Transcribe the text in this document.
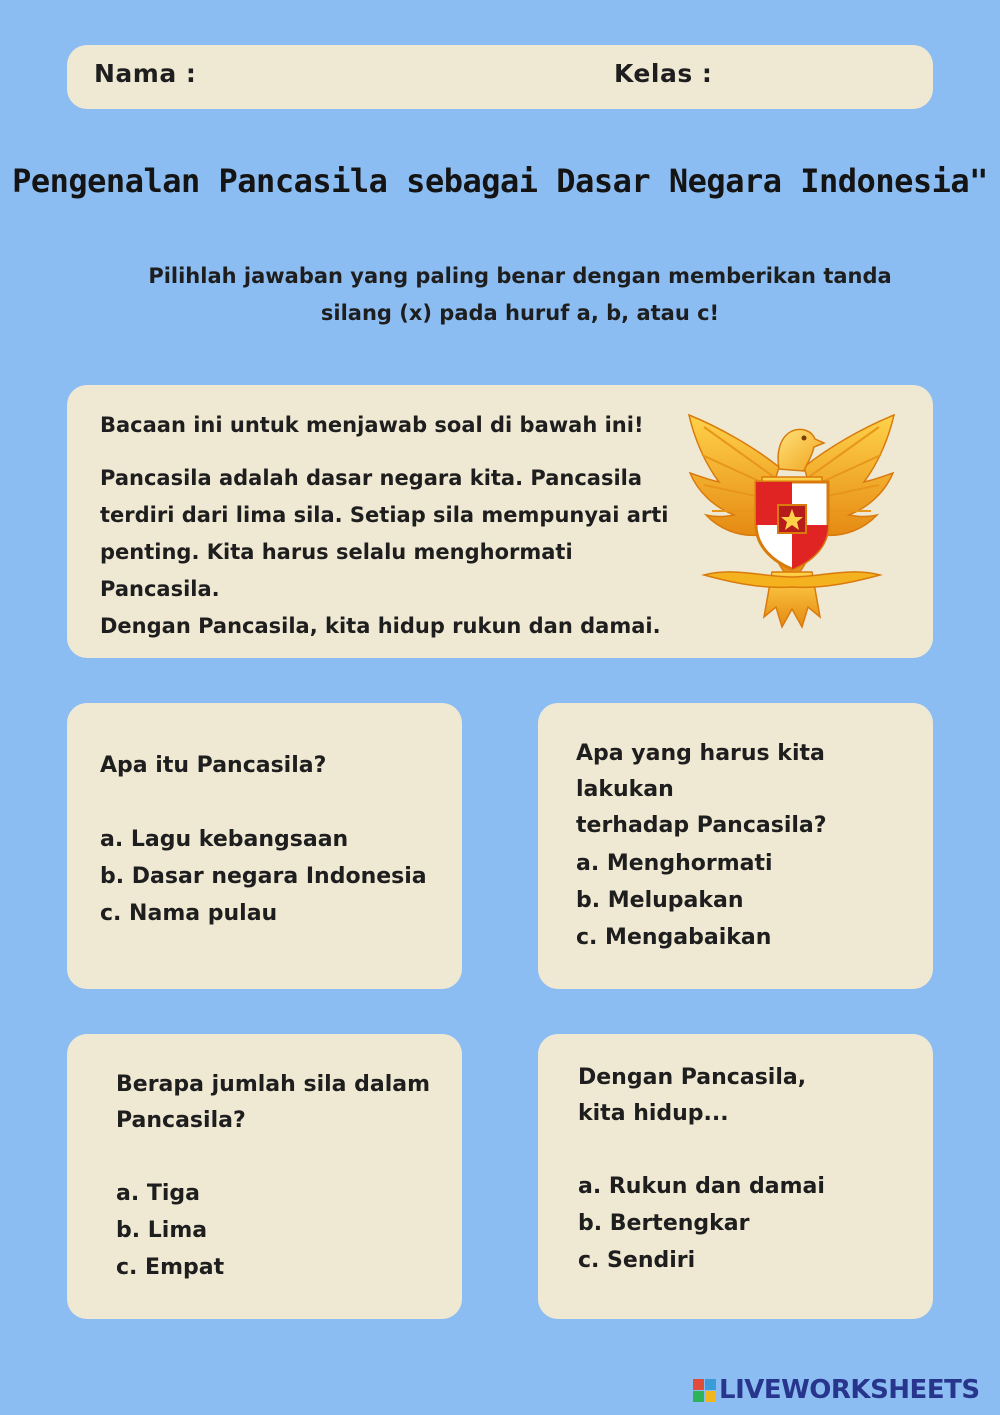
Nama :	Kelas :
Pengenalan Pancasila sebagai Dasar Negara Indonesia"
Pilihlah jawaban yang paling benar dengan memberikan tanda silang (x) pada huruf a, b, atau c!
Bacaan ini untuk menjawab soal di bawah ini!
Pancasila adalah dasar negara kita. Pancasila
terdiri dari lima sila. Setiap sila mempunyai arti
penting. Kita harus selalu menghormati Pancasila.
Dengan Pancasila, kita hidup rukun dan damai.
Apa itu Pancasila?
a. Lagu kebangsaan
b. Dasar negara Indonesia
c. Nama pulau
Apa yang harus kita lakukan
terhadap Pancasila?
a. Menghormati
b. Melupakan
c. Mengabaikan
Berapa jumlah sila dalam
Pancasila?
a. Tiga
b. Lima
c. Empat
Dengan Pancasila,
kita hidup...
a. Rukun dan damai
b. Bertengkar
c. Sendiri
LIVEWORKSHEETS
